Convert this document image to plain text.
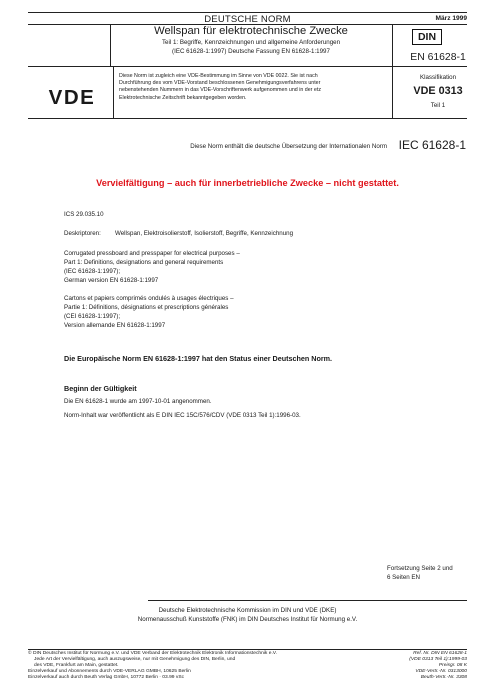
DEUTSCHE NORM	März 1999
Wellspan für elektrotechnische Zwecke
Teil 1: Begriffe, Kennzeichnungen und allgemeine Anforderungen
(IEC 61628-1:1997) Deutsche Fassung EN 61628-1:1997
DIN
EN 61628-1
VDE
Diese Norm ist zugleich eine VDE-Bestimmung im Sinne von VDE 0022. Sie ist nach
Durchführung des vom VDE-Vorstand beschlossenen Genehmigungsverfahrens unter
nebenstehenden Nummern in das VDE-Vorschriftenwerk aufgenommen und in der etz
Elektrotechnische Zeitschrift bekanntgegeben worden.
Klassifikation
VDE 0313
Teil 1
Diese Norm enthält die deutsche Übersetzung der Internationalen Norm IEC 61628-1
Vervielfältigung – auch für innerbetriebliche Zwecke – nicht gestattet.
ICS 29.035.10
Deskriptoren: Wellspan, Elektroisolierstoff, Isolierstoff, Begriffe, Kennzeichnung
Corrugated pressboard and presspaper for electrical purposes –
Part 1: Definitions, designations and general requirements
(IEC 61628-1:1997);
German version EN 61628-1:1997
Cartons et papiers comprimés ondulés à usages électriques –
Partie 1: Définitions, désignations et prescriptions générales
(CEI 61628-1:1997);
Version allemande EN 61628-1:1997
Die Europäische Norm EN 61628-1:1997 hat den Status einer Deutschen Norm.
Beginn der Gültigkeit
Die EN 61628-1 wurde am 1997-10-01 angenommen.
Norm-Inhalt war veröffentlicht als E DIN IEC 15C/576/CDV (VDE 0313 Teil 1):1996-03.
Fortsetzung Seite 2 und
6 Seiten EN
Deutsche Elektrotechnische Kommission im DIN und VDE (DKE)
Normenausschuß Kunststoffe (FNK) im DIN Deutsches Institut für Normung e.V.
© DIN Deutsches Institut für Normung e.V. und VDE Verband der Elektrotechnik Elektronik Informationstechnik e.V.
Jede Art der Vervielfältigung, auch auszugsweise, nur mit Genehmigung des DIN, Berlin, und
des VDE, Frankfurt am Main, gestattet.
Einzelverkauf und Abonnements durch VDE-VERLAG GMBH, 10625 Berlin
Einzelverkauf auch durch Beuth Verlag GmbH, 10772 Berlin · 03.99 vSc
Ref. Nr. DIN EN 61628-1
(VDE 0313 Teil 1):1999-03
Preisgr. 08 K
VDE-Vertr.-Nr. 0313000
Beuth-Vertr.-Nr. 3308
